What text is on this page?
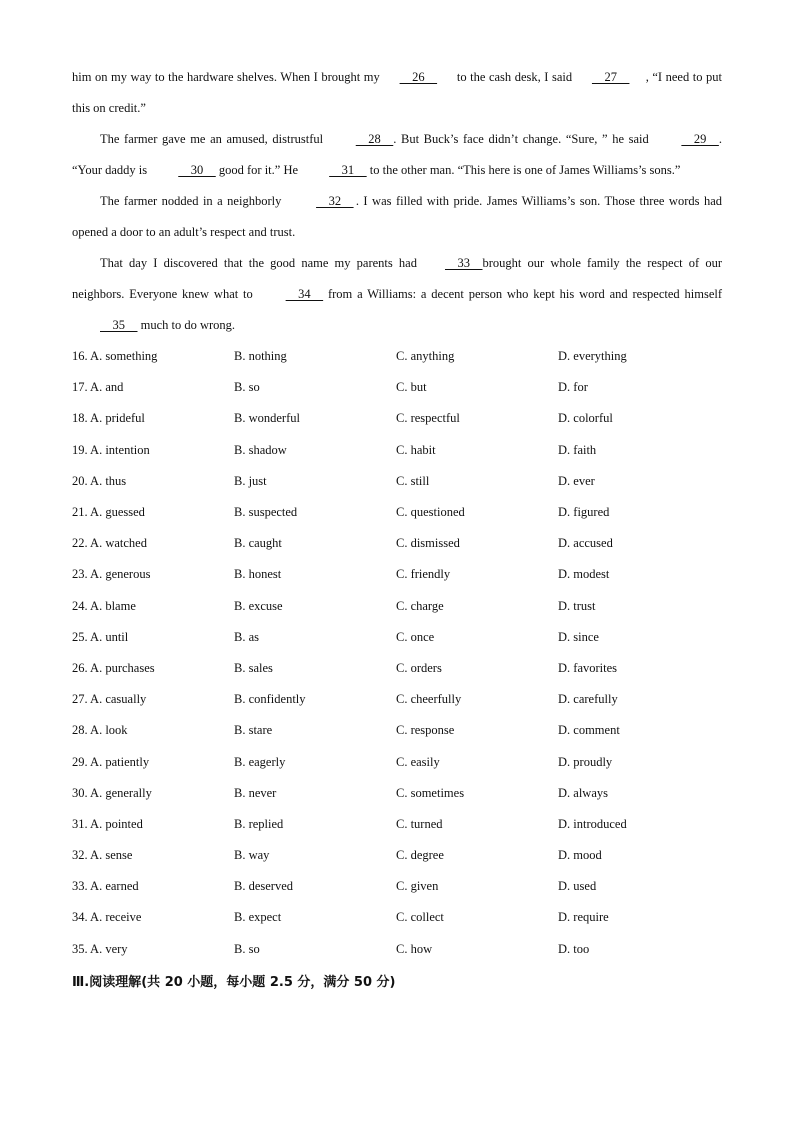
him on my way to the hardware shelves. When I brought my  26  to the cash desk, I said  27 , “I need to put this on credit.”

The farmer gave me an amused, distrustful  28 . But Buck’s face didn’t change. “Sure, ” he said  29 . “Your daddy is  30  good for it.” He  31  to the other man. “This here is one of James Williams’s sons.”

The farmer nodded in a neighborly  32 . I was filled with pride. James Williams’s son. Those three words had opened a door to an adult’s respect and trust.

That day I discovered that the good name my parents had 33 brought our whole family the respect of our neighbors. Everyone knew what to  34  from a Williams: a decent person who kept his word and respected himself  35  much to do wrong.

16. A. something	B. nothing	C. anything	D. everything
17. A. and	B. so	C. but	D. for
18. A. prideful	B. wonderful	C. respectful	D. colorful
19. A. intention	B. shadow	C. habit	D. faith
20. A. thus	B. just	C. still	D. ever
21. A. guessed	B. suspected	C. questioned	D. figured
22. A. watched	B. caught	C. dismissed	D. accused
23. A. generous	B. honest	C. friendly	D. modest
24. A. blame	B. excuse	C. charge	D. trust
25. A. until	B. as	C. once	D. since
26. A. purchases	B. sales	C. orders	D. favorites
27. A. casually	B. confidently	C. cheerfully	D. carefully
28. A. look	B. stare	C. response	D. comment
29. A. patiently	B. eagerly	C. easily	D. proudly
30. A. generally	B. never	C. sometimes	D. always
31. A. pointed	B. replied	C. turned	D. introduced
32. A. sense	B. way	C. degree	D. mood
33. A. earned	B. deserved	C. given	D. used
34. A. receive	B. expect	C. collect	D. require
35. A. very	B. so	C. how	D. too
Ⅲ.阅读理解(共 20 小题，每小题 2.5 分，满分 50 分)
